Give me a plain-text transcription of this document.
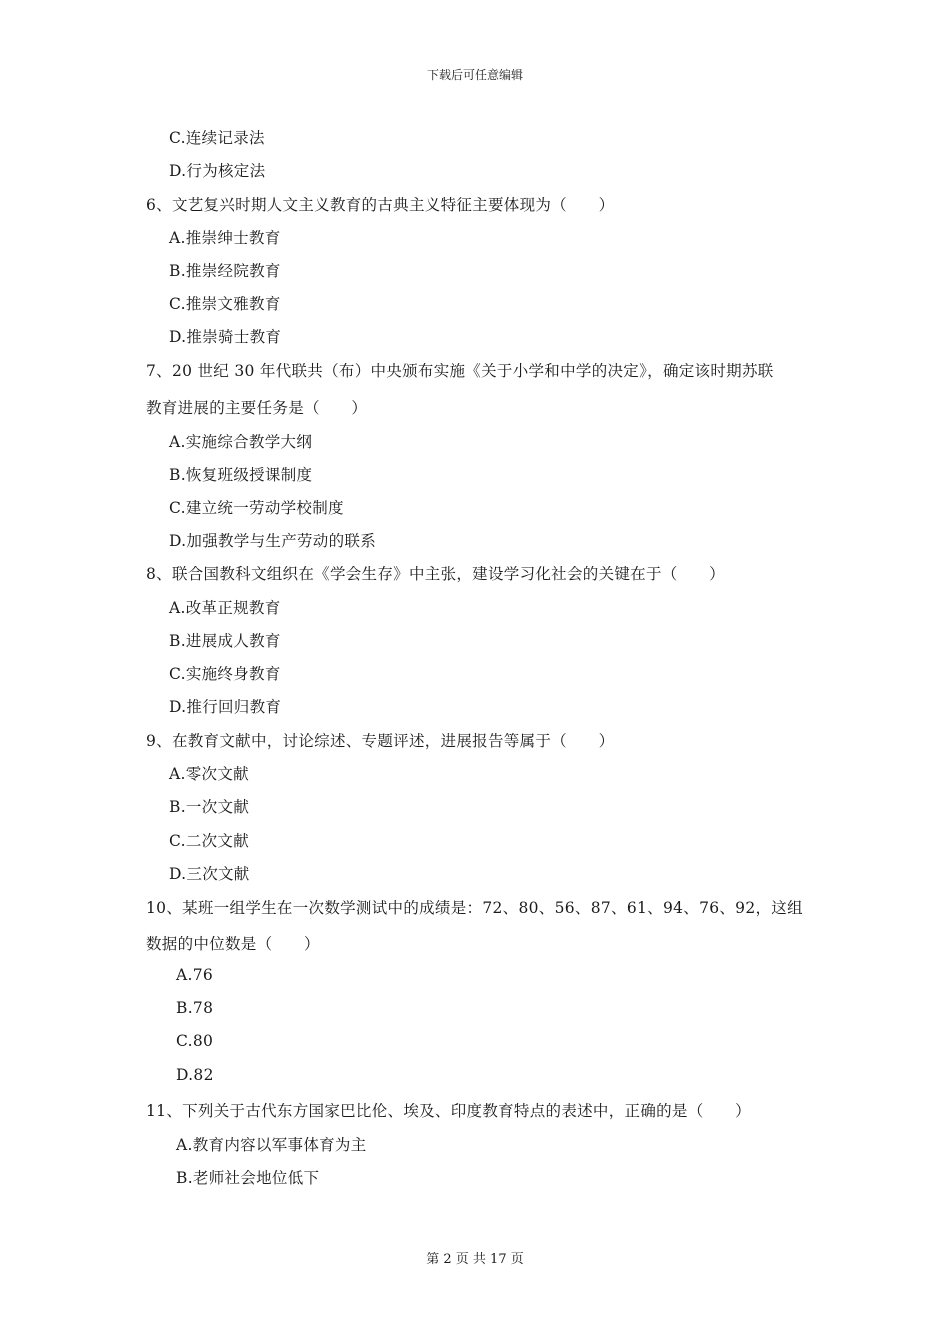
下载后可任意编辑
C.连续记录法
D.行为核定法
6、文艺复兴时期人文主义教育的古典主义特征主要体现为（　　）
A.推崇绅士教育
B.推崇经院教育
C.推崇文雅教育
D.推崇骑士教育
7、20 世纪 30 年代联共（布）中央颁布实施《关于小学和中学的决定》，确定该时期苏联
教育进展的主要任务是（　　）
A.实施综合教学大纲
B.恢复班级授课制度
C.建立统一劳动学校制度
D.加强教学与生产劳动的联系
8、联合国教科文组织在《学会生存》中主张，建设学习化社会的关键在于（　　）
A.改革正规教育
B.进展成人教育
C.实施终身教育
D.推行回归教育
9、在教育文献中，讨论综述、专题评述，进展报告等属于（　　）
A.零次文献
B.一次文献
C.二次文献
D.三次文献
10、某班一组学生在一次数学测试中的成绩是：72、80、56、87、61、94、76、92，这组
数据的中位数是（　　）
A.76
B.78
C.80
D.82
11、下列关于古代东方国家巴比伦、埃及、印度教育特点的表述中，正确的是（　　）
A.教育内容以军事体育为主
B.老师社会地位低下
第 2 页 共 17 页
